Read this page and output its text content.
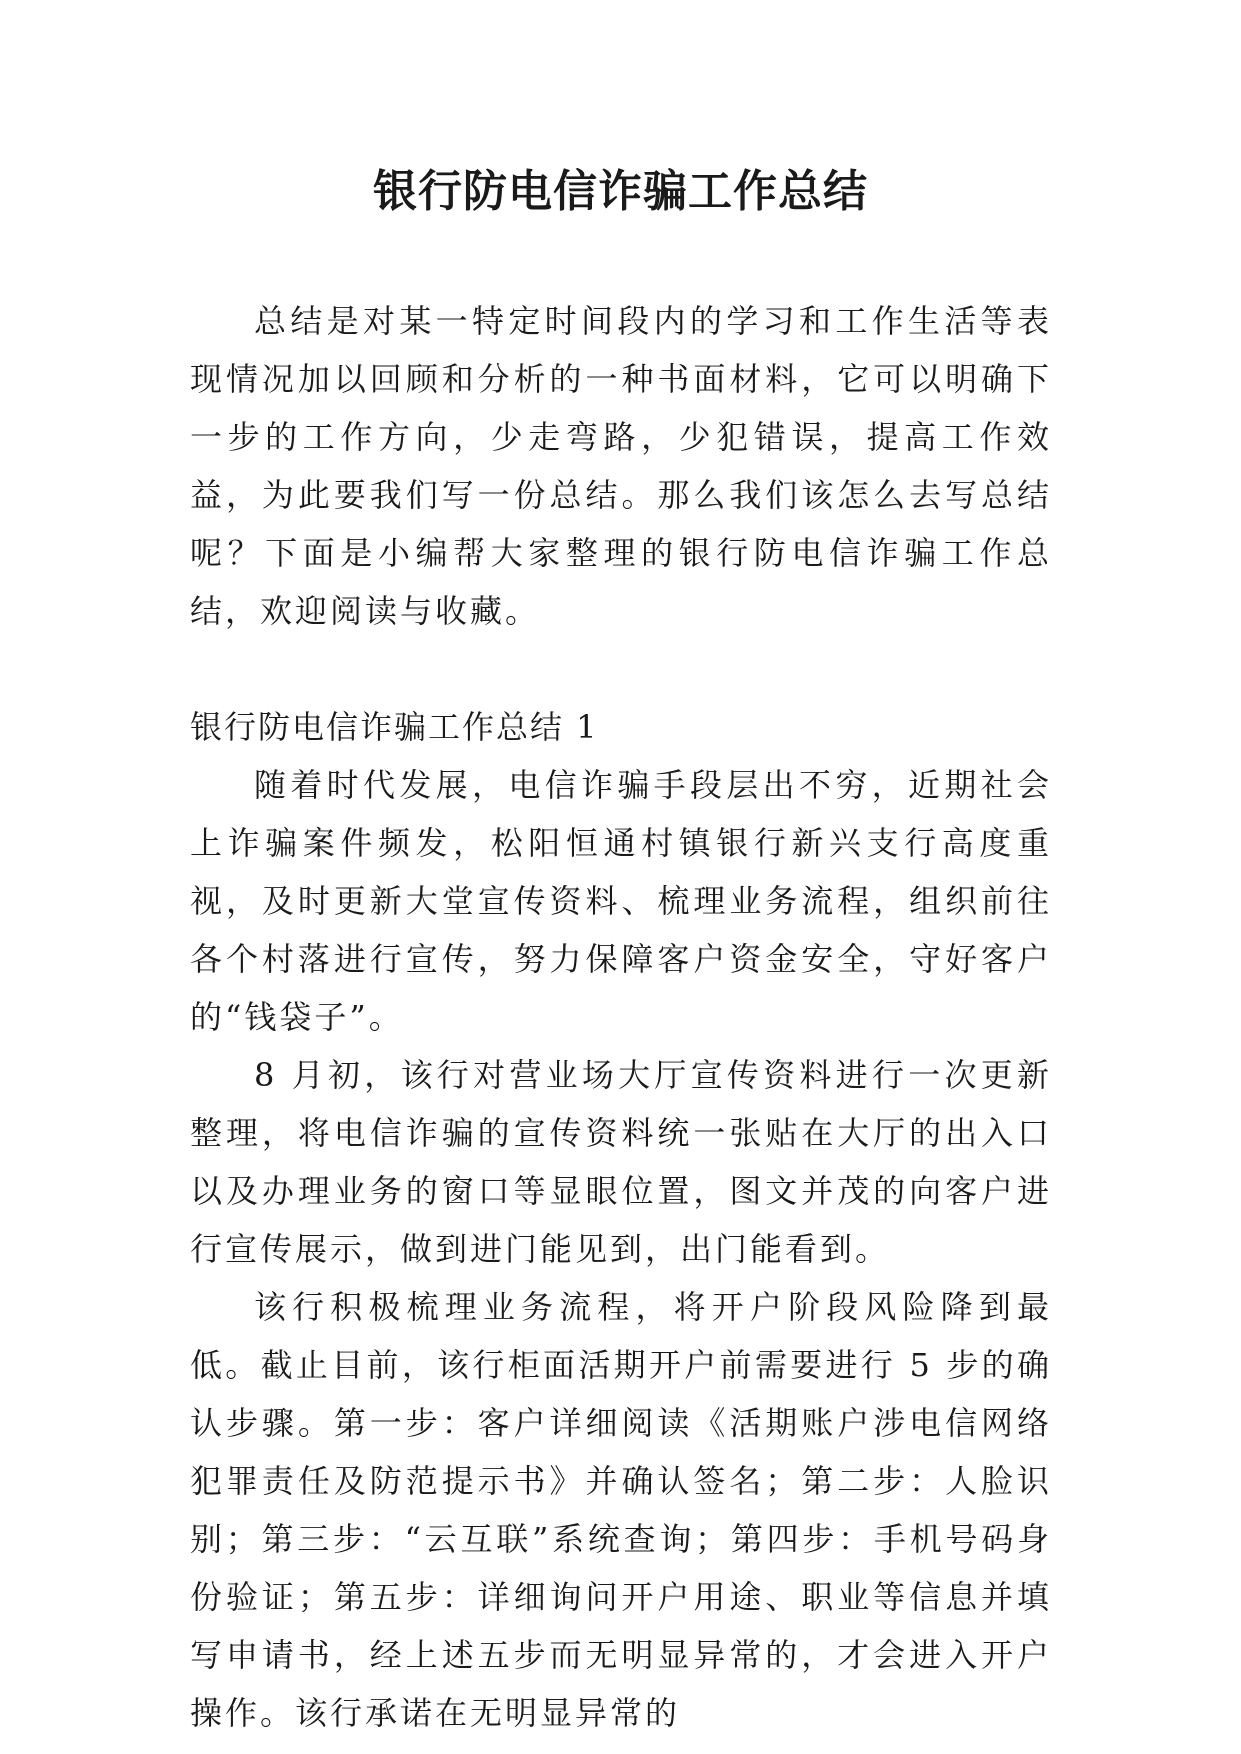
银行防电信诈骗工作总结

总结是对某一特定时间段内的学习和工作生活等表现情况加以回顾和分析的一种书面材料，它可以明确下一步的工作方向，少走弯路，少犯错误，提高工作效益，为此要我们写一份总结。那么我们该怎么去写总结呢？下面是小编帮大家整理的银行防电信诈骗工作总结，欢迎阅读与收藏。

银行防电信诈骗工作总结 1

随着时代发展，电信诈骗手段层出不穷，近期社会上诈骗案件频发，松阳恒通村镇银行新兴支行高度重视，及时更新大堂宣传资料、梳理业务流程，组织前往各个村落进行宣传，努力保障客户资金安全，守好客户的“钱袋子”。

8 月初，该行对营业场大厅宣传资料进行一次更新整理，将电信诈骗的宣传资料统一张贴在大厅的出入口以及办理业务的窗口等显眼位置，图文并茂的向客户进行宣传展示，做到进门能见到，出门能看到。

该行积极梳理业务流程，将开户阶段风险降到最低。截止目前，该行柜面活期开户前需要进行 5 步的确认步骤。第一步：客户详细阅读《活期账户涉电信网络犯罪责任及防范提示书》并确认签名；第二步：人脸识别；第三步：“云互联”系统查询；第四步：手机号码身份验证；第五步：详细询问开户用途、职业等信息并填写申请书，经上述五步而无明显异常的，才会进入开户操作。该行承诺在无明显异常的
